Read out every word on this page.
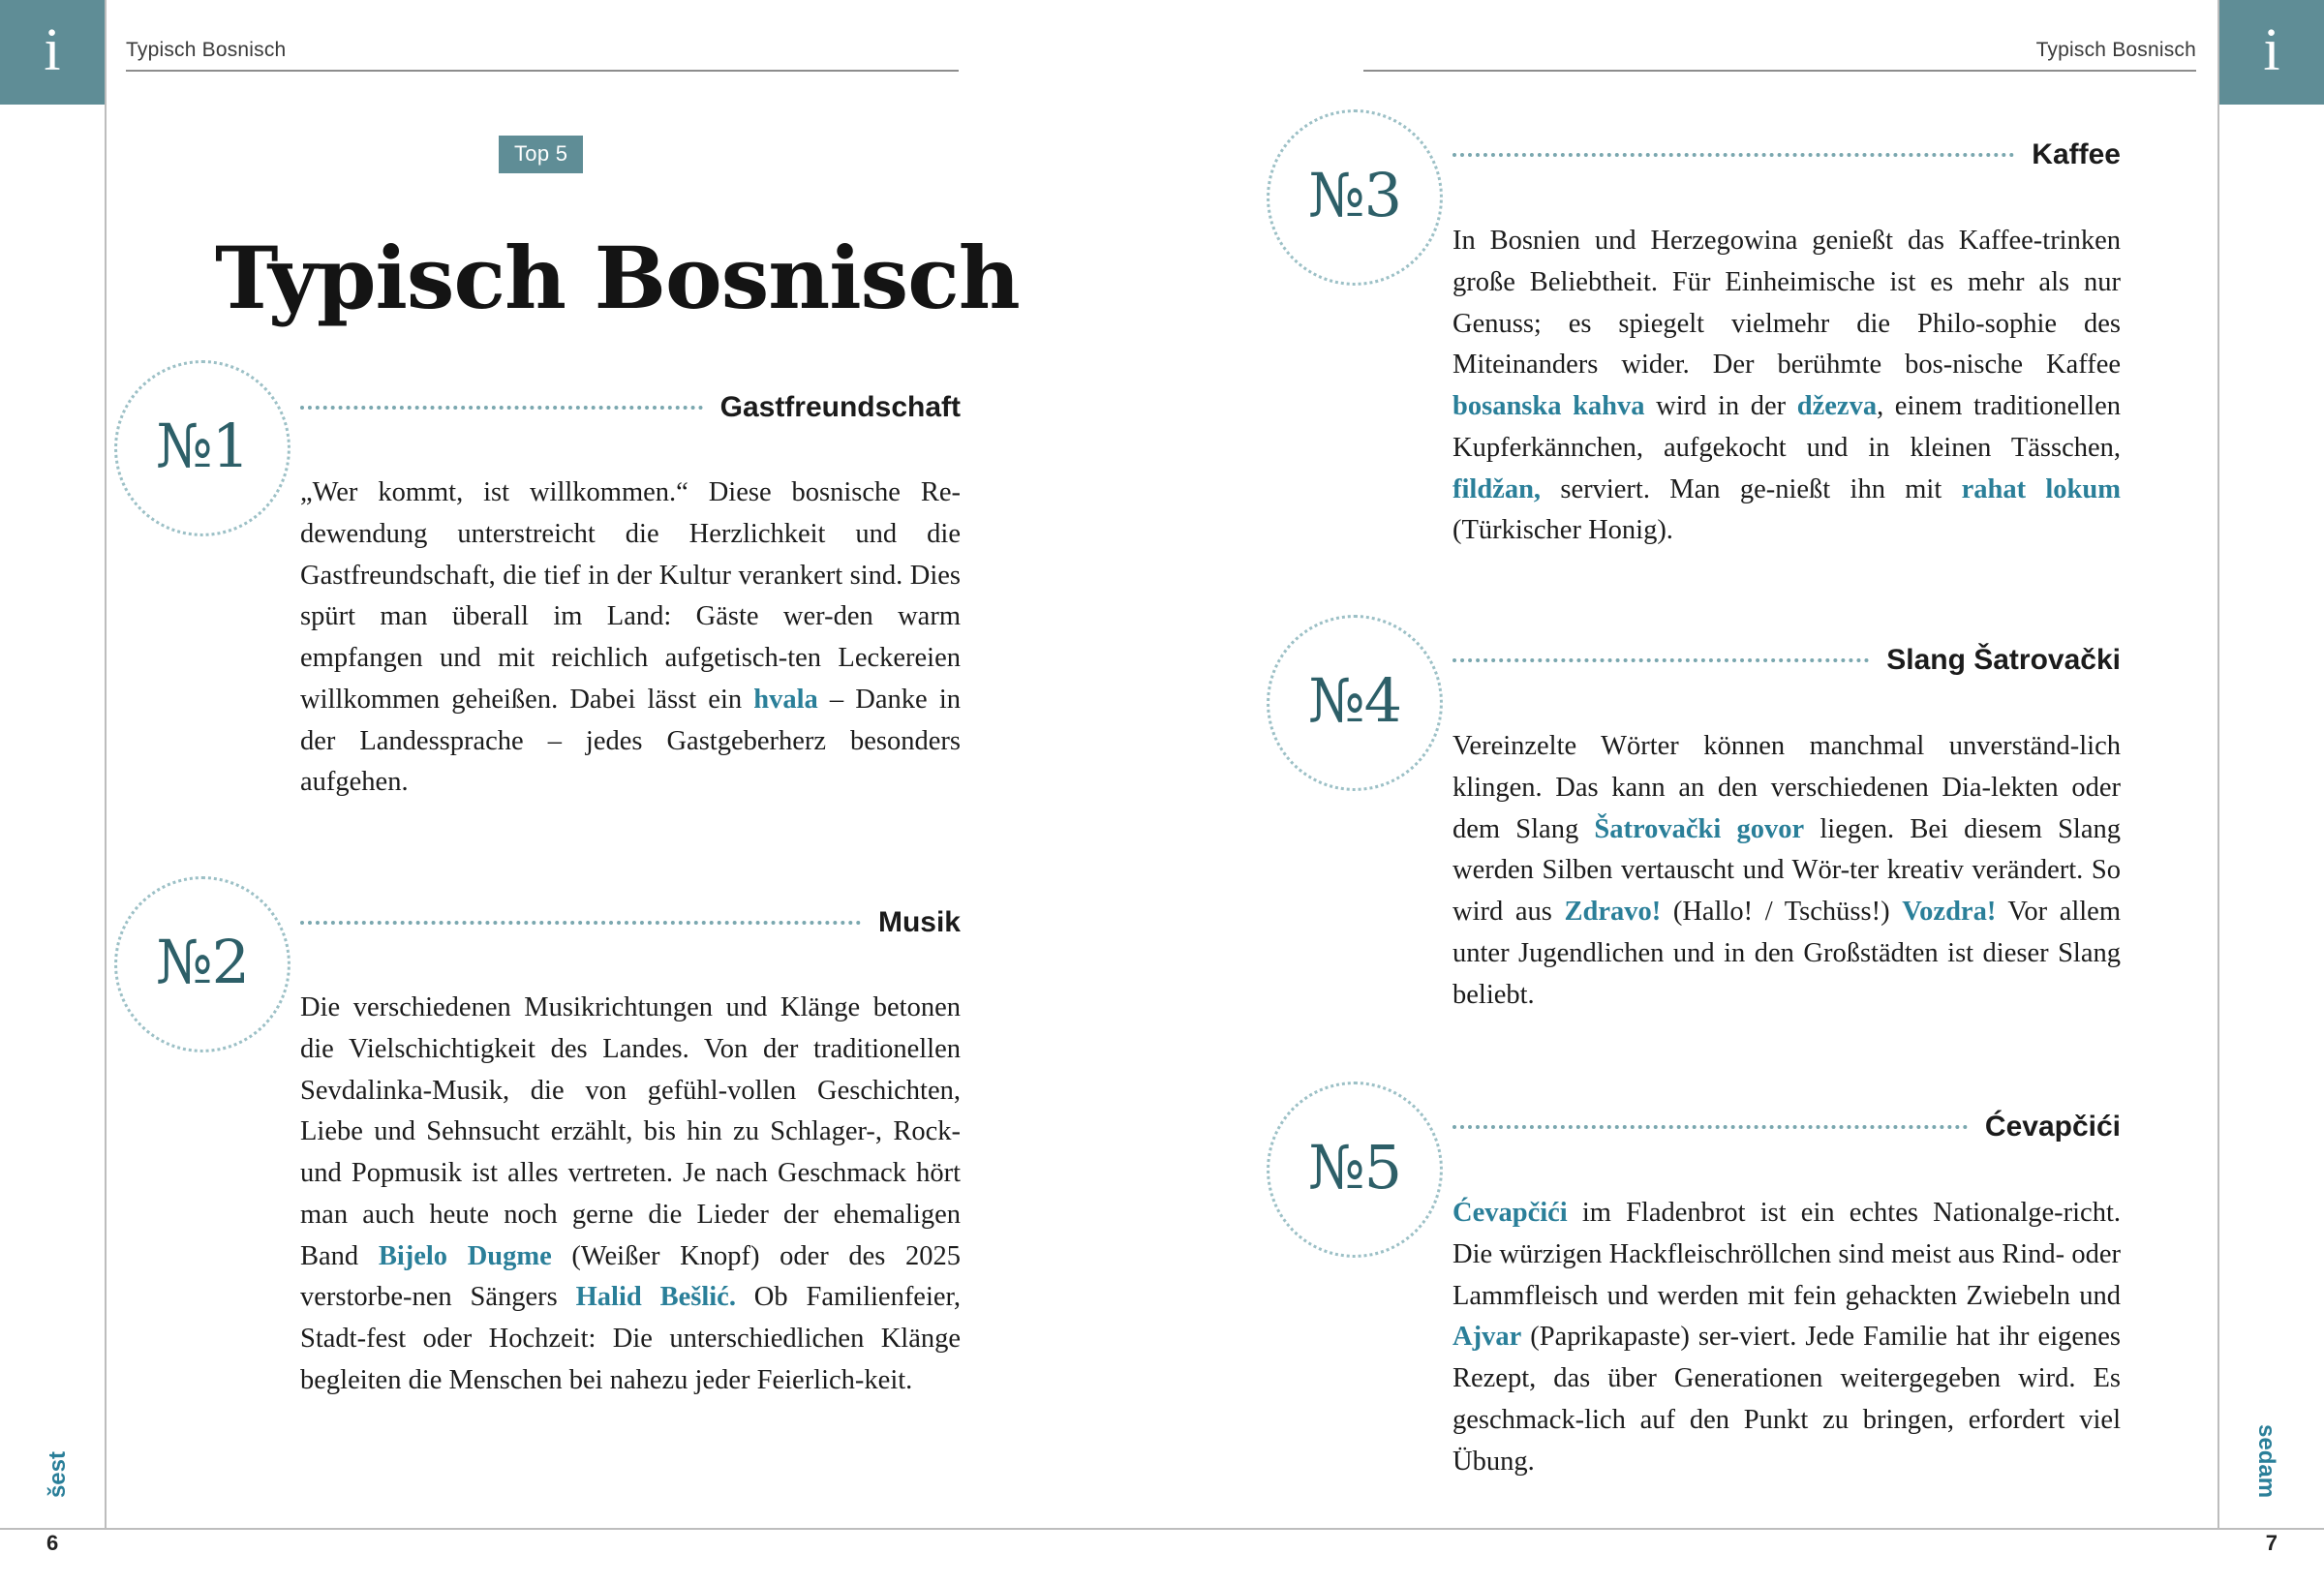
i	Typisch Bosnisch
Top 5
Typisch Bosnisch
№1
Gastfreundschaft
„Wer kommt, ist willkommen.“ Diese bosnische Re-dewendung unterstreicht die Herzlichkeit und die Gastfreundschaft, die tief in der Kultur verankert sind. Dies spürt man überall im Land: Gäste wer-den warm empfangen und mit reichlich aufgetisch-ten Leckereien willkommen geheißen. Dabei lässt ein hvala – Danke in der Landessprache – jedes Gastgeberherz besonders aufgehen.
№2
Musik
Die verschiedenen Musikrichtungen und Klänge betonen die Vielschichtigkeit des Landes. Von der traditionellen Sevdalinka-Musik, die von gefühl-vollen Geschichten, Liebe und Sehnsucht erzählt, bis hin zu Schlager-, Rock- und Popmusik ist alles vertreten. Je nach Geschmack hört man auch heute noch gerne die Lieder der ehemaligen Band Bijelo Dugme (Weißer Knopf) oder des 2025 verstorbe-nen Sängers Halid Bešlić. Ob Familienfeier, Stadt-fest oder Hochzeit: Die unterschiedlichen Klänge begleiten die Menschen bei nahezu jeder Feierlich-keit.
šest
6
i
Typisch Bosnisch
№3
Kaffee
In Bosnien und Herzegowina genießt das Kaffee-trinken große Beliebtheit. Für Einheimische ist es mehr als nur Genuss; es spiegelt vielmehr die Philo-sophie des Miteinanders wider. Der berühmte bos-nische Kaffee bosanska kahva wird in der džezva, einem traditionellen Kupferkännchen, aufgekocht und in kleinen Tässchen, fildžan, serviert. Man ge-nießt ihn mit rahat lokum (Türkischer Honig).
№4
Slang Šatrovački
Vereinzelte Wörter können manchmal unverständ-lich klingen. Das kann an den verschiedenen Dia-lekten oder dem Slang Šatrovački govor liegen. Bei diesem Slang werden Silben vertauscht und Wör-ter kreativ verändert. So wird aus Zdravo! (Hallo! / Tschüss!) Vozdra! Vor allem unter Jugendlichen und in den Großstädten ist dieser Slang beliebt.
№5
Ćevapčići
Ćevapčići im Fladenbrot ist ein echtes Nationalge-richt. Die würzigen Hackfleischröllchen sind meist aus Rind- oder Lammfleisch und werden mit fein gehackten Zwiebeln und Ajvar (Paprikapaste) ser-viert. Jede Familie hat ihr eigenes Rezept, das über Generationen weitergegeben wird. Es geschmack-lich auf den Punkt zu bringen, erfordert viel Übung.	sedam
7
